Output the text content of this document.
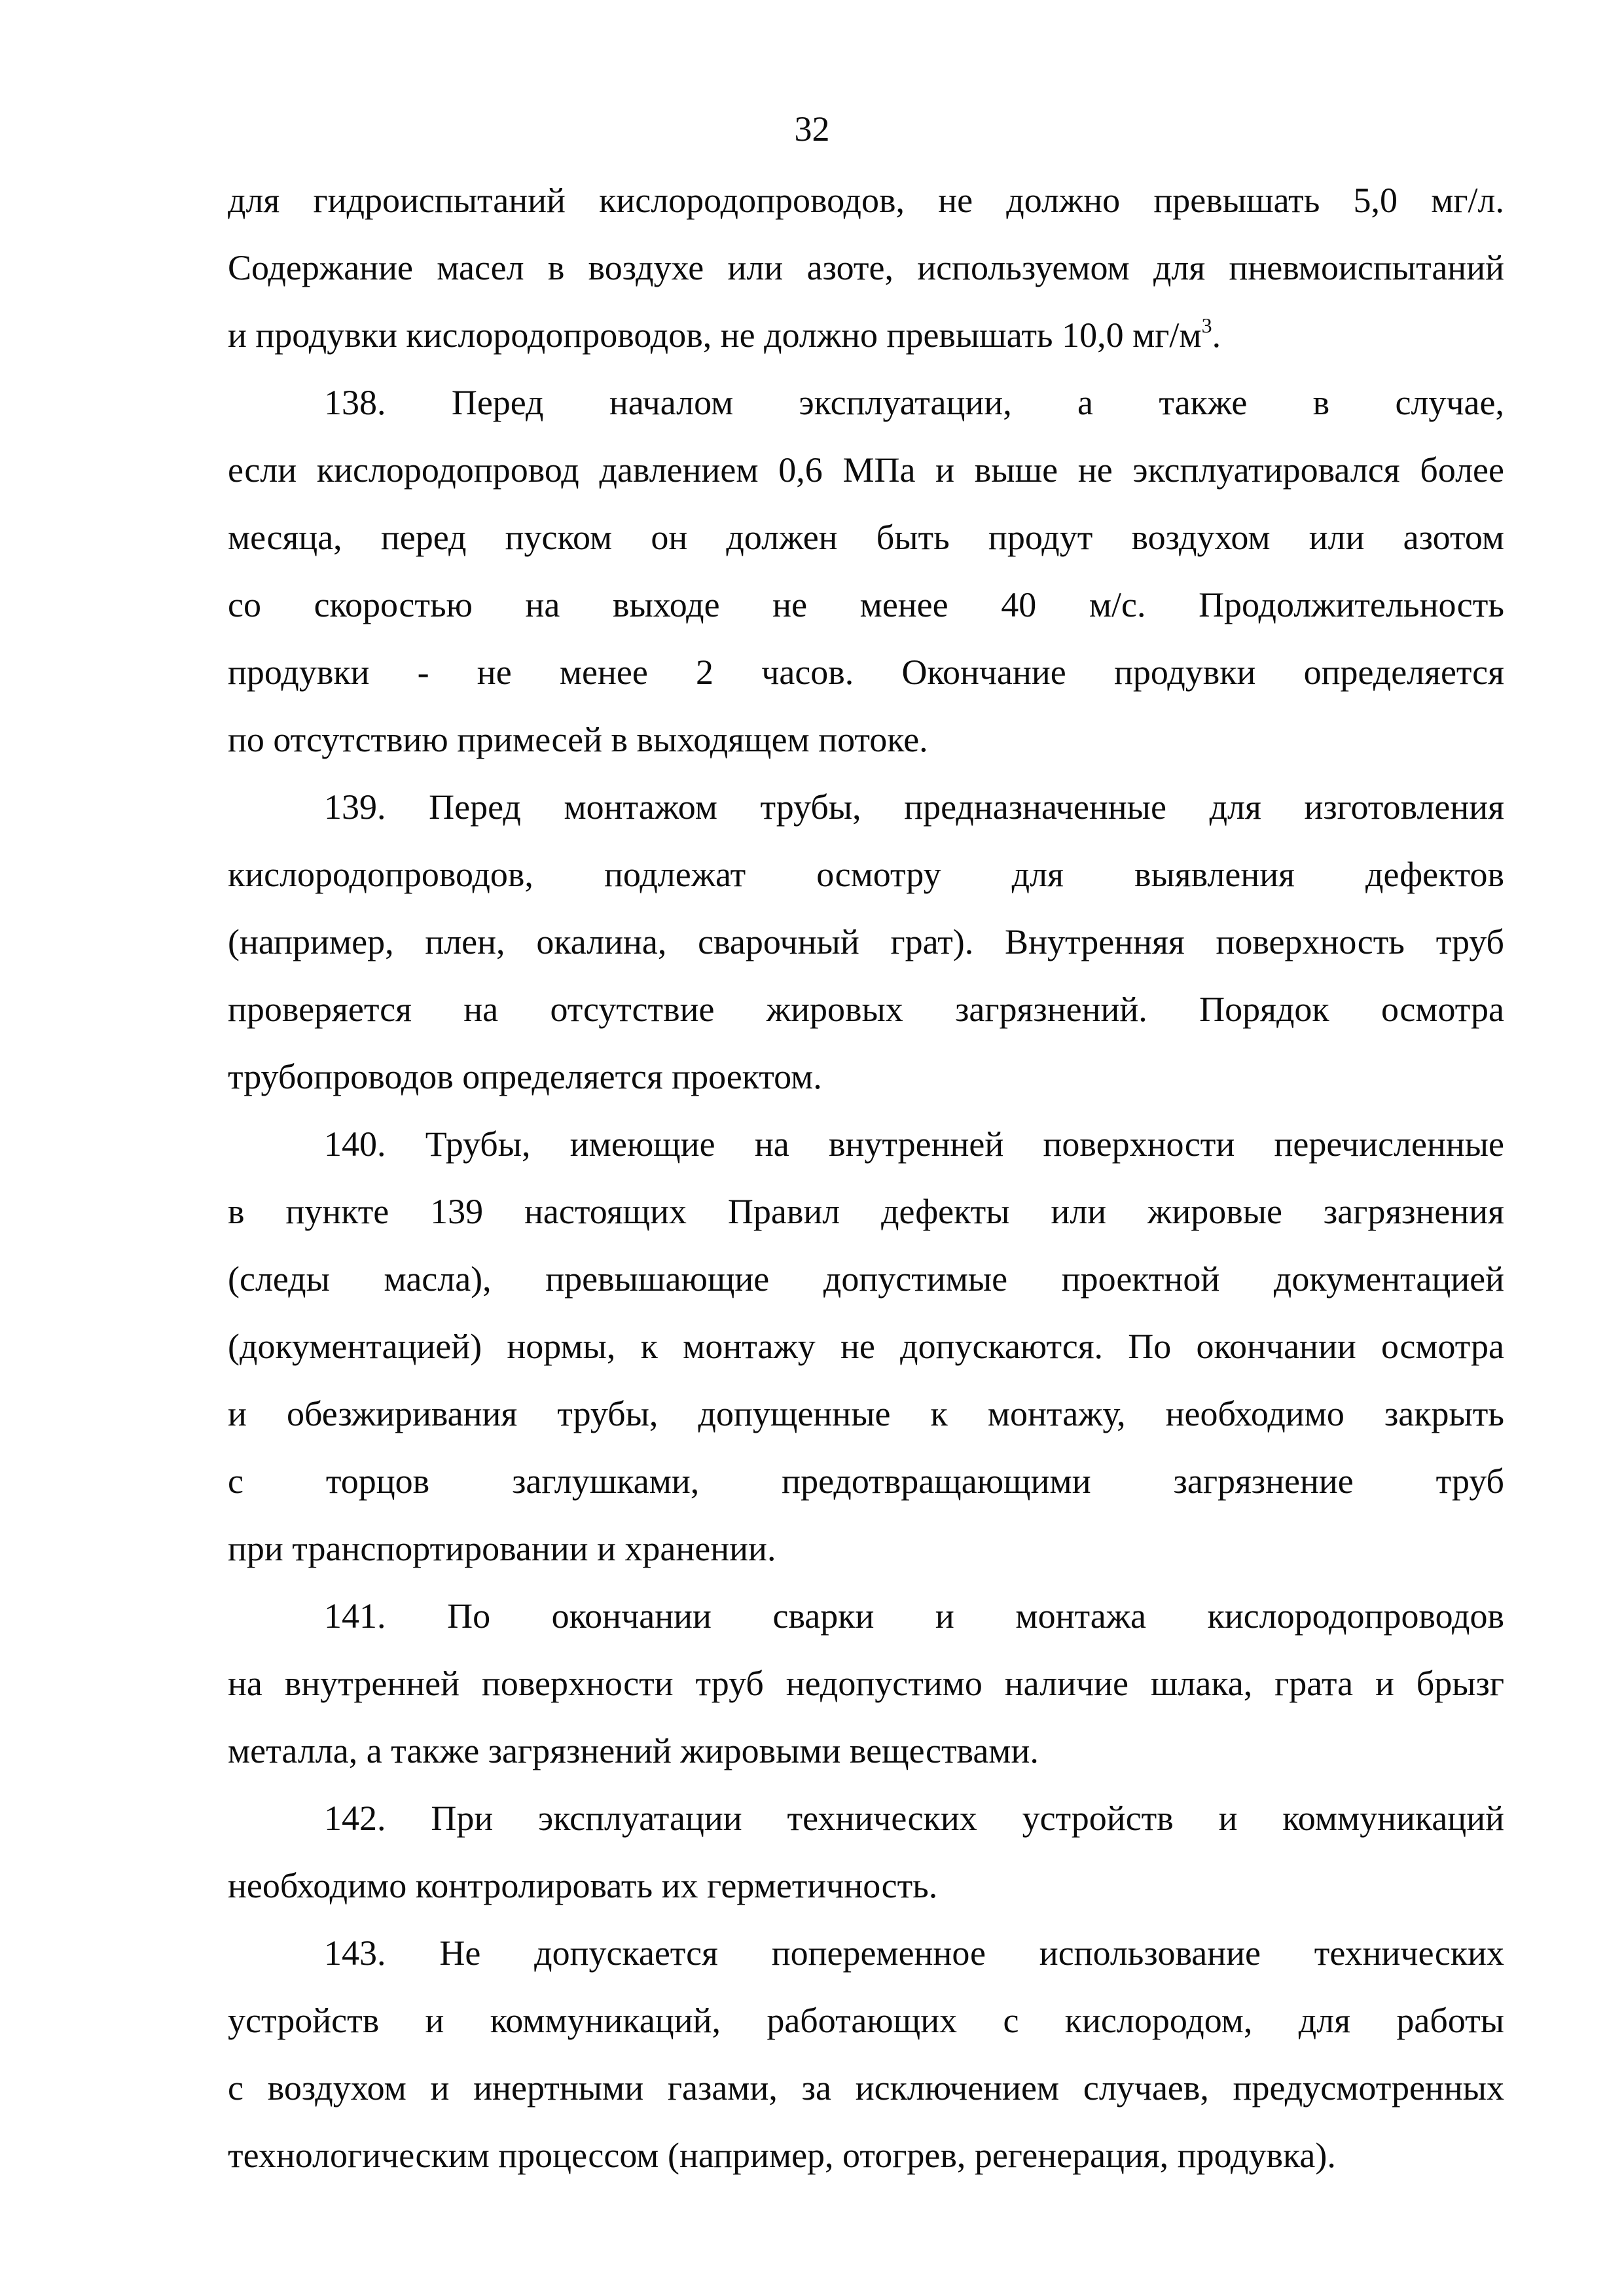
32

для гидроиспытаний кислородопроводов, не должно превышать 5,0 мг/л.
Содержание масел в воздухе или азоте, используемом для пневмоиспытаний
и продувки кислородопроводов, не должно превышать 10,0 $мг/м^3$.

138. Перед началом эксплуатации, а также в случае,
если кислородопровод давлением 0,6 МПа и выше не эксплуатировался более
месяца, перед пуском он должен быть продут воздухом или азотом
со скоростью на выходе не менее 40 м/с. Продолжительность
продувки - не менее 2 часов. Окончание продувки определяется
по отсутствию примесей в выходящем потоке.

139. Перед монтажом трубы, предназначенные для изготовления
кислородопроводов, подлежат осмотру для выявления дефектов
(например, плен, окалина, сварочный грат). Внутренняя поверхность труб
проверяется на отсутствие жировых загрязнений. Порядок осмотра
трубопроводов определяется проектом.

140. Трубы, имеющие на внутренней поверхности перечисленные
в пункте 139 настоящих Правил дефекты или жировые загрязнения
(следы масла), превышающие допустимые проектной документацией
(документацией) нормы, к монтажу не допускаются. По окончании осмотра
и обезжиривания трубы, допущенные к монтажу, необходимо закрыть
с торцов заглушками, предотвращающими загрязнение труб
при транспортировании и хранении.

141. По окончании сварки и монтажа кислородопроводов
на внутренней поверхности труб недопустимо наличие шлака, грата и брызг
металла, а также загрязнений жировыми веществами.

142. При эксплуатации технических устройств и коммуникаций
необходимо контролировать их герметичность.

143. Не допускается попеременное использование технических
устройств и коммуникаций, работающих с кислородом, для работы
с воздухом и инертными газами, за исключением случаев, предусмотренных
технологическим процессом (например, отогрев, регенерация, продувка).
